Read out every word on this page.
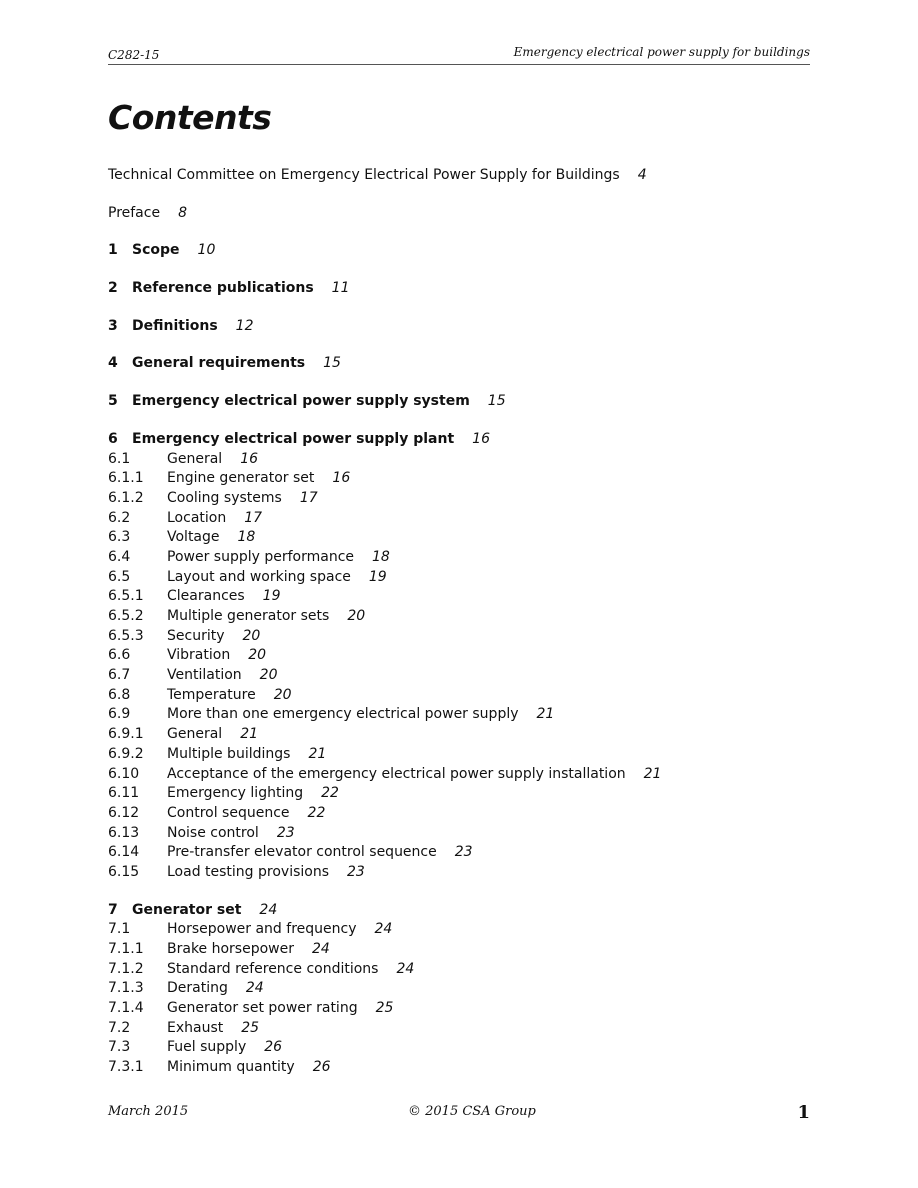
C282-15	Emergency electrical power supply for buildings
Contents
Technical Committee on Emergency Electrical Power Supply for Buildings 4
Preface 8
1 Scope 10
2 Reference publications 11
3 Definitions 12
4 General requirements 15
5 Emergency electrical power supply system 15
6 Emergency electrical power supply plant 16
6.1	General 16
6.1.1 Engine generator set 16
6.1.2 Cooling systems 17
6.2	Location 17
6.3	Voltage 18
6.4	Power supply performance 18
6.5	Layout and working space 19
6.5.1 Clearances 19
6.5.2 Multiple generator sets 20
6.5.3 Security 20
6.6	Vibration 20
6.7	Ventilation 20
6.8	Temperature 20
6.9	More than one emergency electrical power supply 21
6.9.1 General 21
6.9.2 Multiple buildings 21
6.10 Acceptance of the emergency electrical power supply installation 21
6.11 Emergency lighting 22
6.12 Control sequence 22
6.13 Noise control 23
6.14 Pre-transfer elevator control sequence 23
6.15 Load testing provisions 23
7 Generator set 24
7.1	Horsepower and frequency 24
7.1.1 Brake horsepower 24
7.1.2 Standard reference conditions 24
7.1.3 Derating 24
7.1.4 Generator set power rating 25
7.2	Exhaust 25
7.3	Fuel supply 26
7.3.1 Minimum quantity 26
March 2015	© 2015 CSA Group	1
